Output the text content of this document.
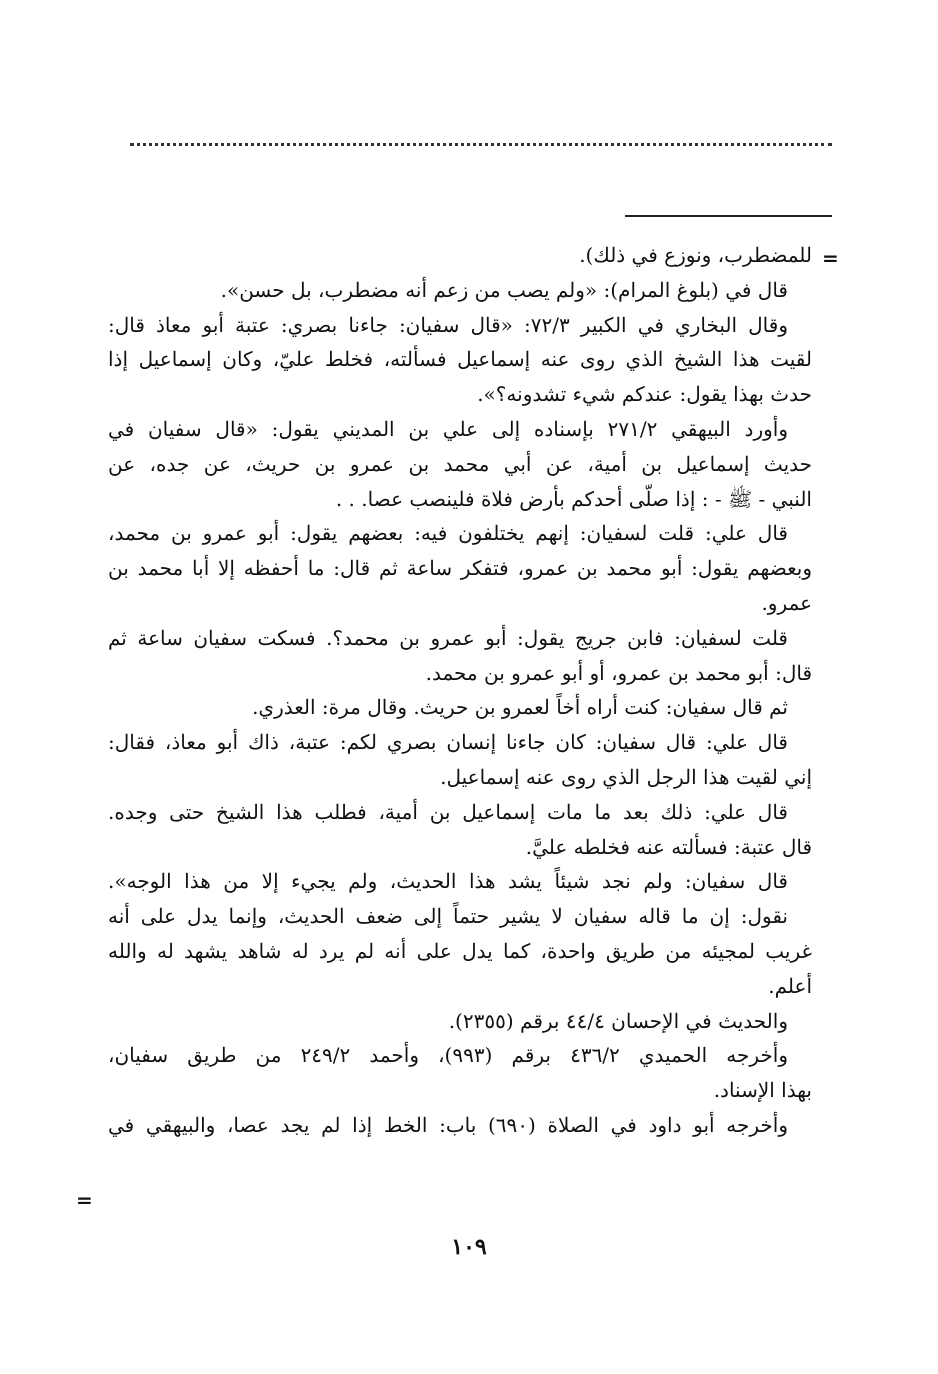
=
للمضطرب، ونوزع في ذلك).
قال في (بلوغ المرام): «ولم يصب من زعم أنه مضطرب، بل حسن».
وقال البخاري في الكبير ٧٢/٣: «قال سفيان: جاءنا بصري: عتبة أبو معاذ قال:
لقيت هذا الشيخ الذي روى عنه إسماعيل فسألته، فخلط عليّ، وكان إسماعيل إذا
حدث بهذا يقول: عندكم شيء تشدونه؟».
وأورد البيهقي ٢٧١/٢ بإسناده إلى علي بن المديني يقول: «قال سفيان في
حديث إسماعيل بن أمية، عن أبي محمد بن عمرو بن حريث، عن جده، عن
النبي - ﷺ - : إذا صلّى أحدكم بأرض فلاة فلينصب عصا. . .
قال علي: قلت لسفيان: إنهم يختلفون فيه: بعضهم يقول: أبو عمرو بن محمد،
وبعضهم يقول: أبو محمد بن عمرو، فتفكر ساعة ثم قال: ما أحفظه إلا أبا محمد بن
عمرو.
قلت لسفيان: فابن جريج يقول: أبو عمرو بن محمد؟. فسكت سفيان ساعة ثم
قال: أبو محمد بن عمرو، أو أبو عمرو بن محمد.
ثم قال سفيان: كنت أراه أخاً لعمرو بن حريث. وقال مرة: العذري.
قال علي: قال سفيان: كان جاءنا إنسان بصري لكم: عتبة، ذاك أبو معاذ، فقال:
إني لقيت هذا الرجل الذي روى عنه إسماعيل.
قال علي: ذلك بعد ما مات إسماعيل بن أمية، فطلب هذا الشيخ حتى وجده.
قال عتبة: فسألته عنه فخلطه عليَّ.
قال سفيان: ولم نجد شيئاً يشد هذا الحديث، ولم يجيء إلا من هذا الوجه».
نقول: إن ما قاله سفيان لا يشير حتماً إلى ضعف الحديث، وإنما يدل على أنه
غريب لمجيئه من طريق واحدة، كما يدل على أنه لم يرد له شاهد يشهد له والله
أعلم.
والحديث في الإحسان ٤٤/٤ برقم (٢٣٥٥).
وأخرجه الحميدي ٤٣٦/٢ برقم (٩٩٣)، وأحمد ٢٤٩/٢ من طريق سفيان،
بهذا الإسناد.
وأخرجه أبو داود في الصلاة (٦٩٠) باب: الخط إذا لم يجد عصا، والبيهقي في
=
١٠٩
